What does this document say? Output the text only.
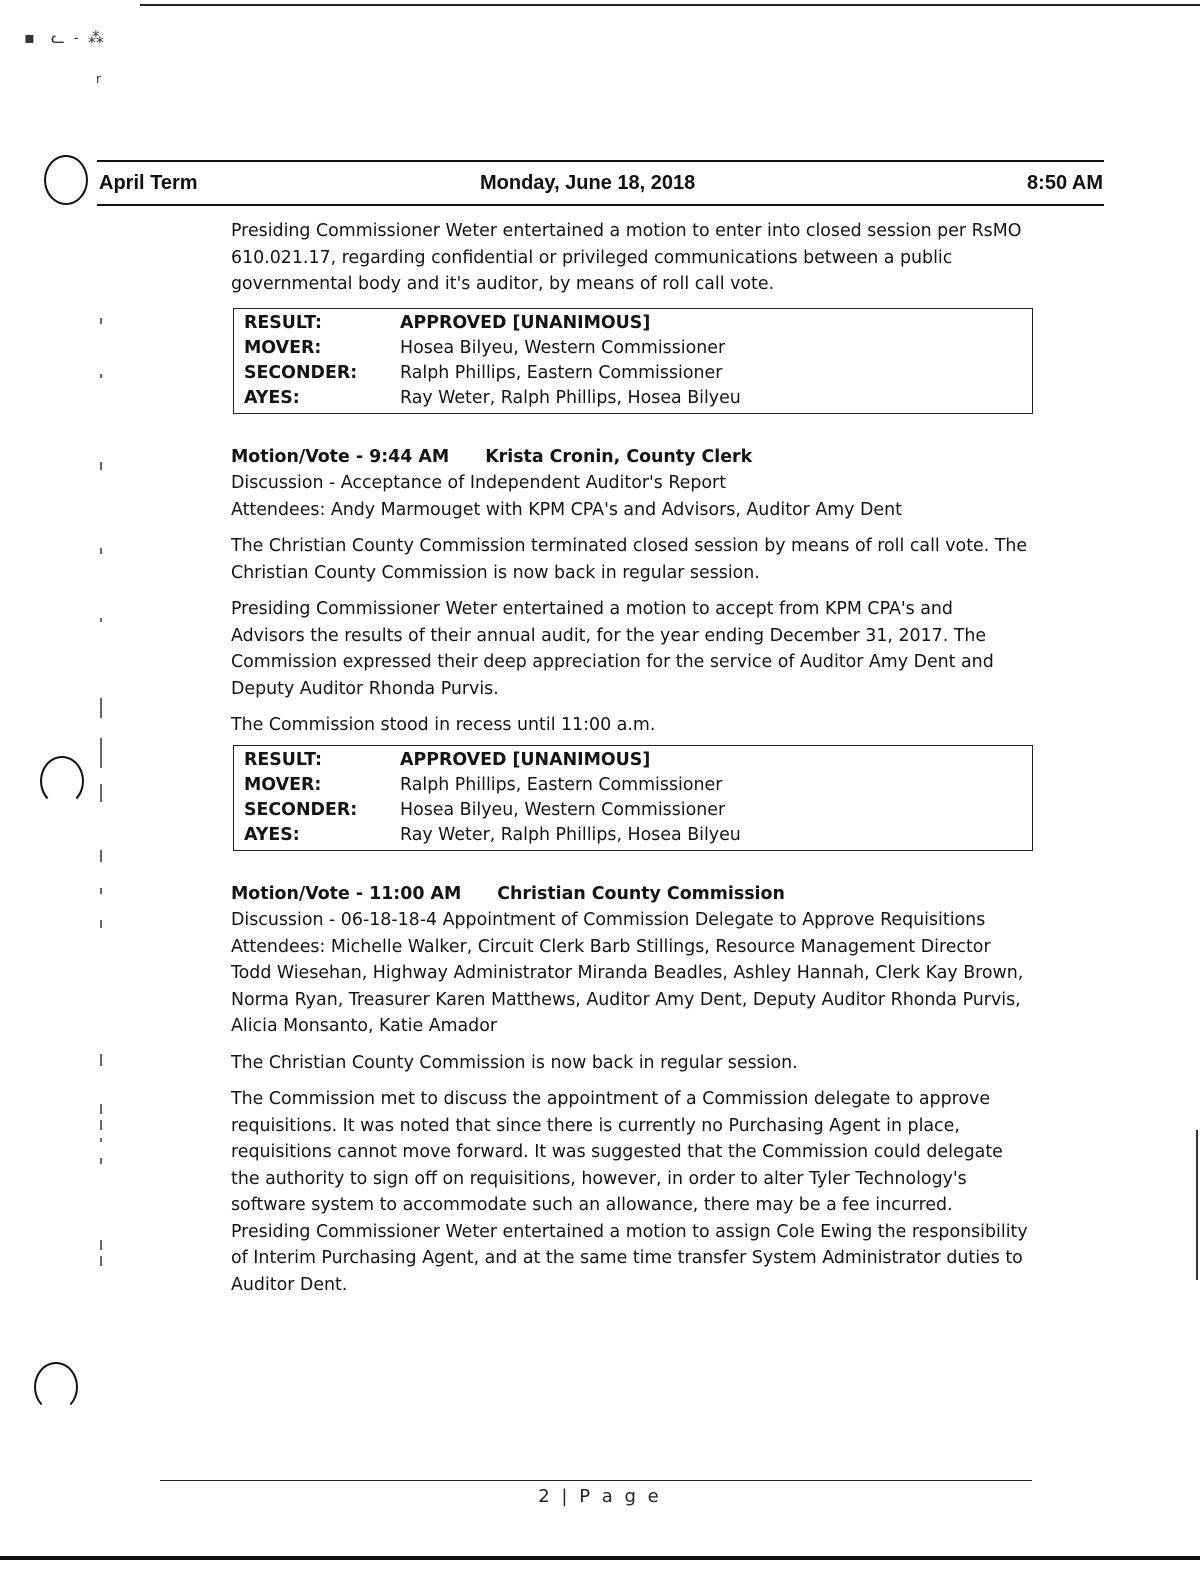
▪  ᓚ ˗ ⁂
r
April Term	Monday, June 18, 2018	8:50 AM

Presiding Commissioner Weter entertained a motion to enter into closed session per RsMO 610.021.17, regarding confidential or privileged communications between a public governmental body and it's auditor, by means of roll call vote.

RESULT:	APPROVED [UNANIMOUS]
MOVER:	Hosea Bilyeu, Western Commissioner
SECONDER:	Ralph Phillips, Eastern Commissioner
AYES:	Ray Weter, Ralph Phillips, Hosea Bilyeu

Motion/Vote - 9:44 AM Krista Cronin, County Clerk

Discussion - Acceptance of Independent Auditor's Report

Attendees: Andy Marmouget with KPM CPA's and Advisors, Auditor Amy Dent

The Christian County Commission terminated closed session by means of roll call vote. The Christian County Commission is now back in regular session.

Presiding Commissioner Weter entertained a motion to accept from KPM CPA's and Advisors the results of their annual audit, for the year ending December 31, 2017. The Commission expressed their deep appreciation for the service of Auditor Amy Dent and Deputy Auditor Rhonda Purvis.

The Commission stood in recess until 11:00 a.m.

RESULT:	APPROVED [UNANIMOUS]
MOVER:	Ralph Phillips, Eastern Commissioner
SECONDER:	Hosea Bilyeu, Western Commissioner
AYES:	Ray Weter, Ralph Phillips, Hosea Bilyeu

Motion/Vote - 11:00 AM Christian County Commission

Discussion - 06-18-18-4 Appointment of Commission Delegate to Approve Requisitions

Attendees: Michelle Walker, Circuit Clerk Barb Stillings, Resource Management Director Todd Wiesehan, Highway Administrator Miranda Beadles, Ashley Hannah, Clerk Kay Brown, Norma Ryan, Treasurer Karen Matthews, Auditor Amy Dent, Deputy Auditor Rhonda Purvis, Alicia Monsanto, Katie Amador

The Christian County Commission is now back in regular session.

The Commission met to discuss the appointment of a Commission delegate to approve requisitions. It was noted that since there is currently no Purchasing Agent in place, requisitions cannot move forward. It was suggested that the Commission could delegate the authority to sign off on requisitions, however, in order to alter Tyler Technology's software system to accommodate such an allowance, there may be a fee incurred. Presiding Commissioner Weter entertained a motion to assign Cole Ewing the responsibility of Interim Purchasing Agent, and at the same time transfer System Administrator duties to Auditor Dent.

2 | P a g e
